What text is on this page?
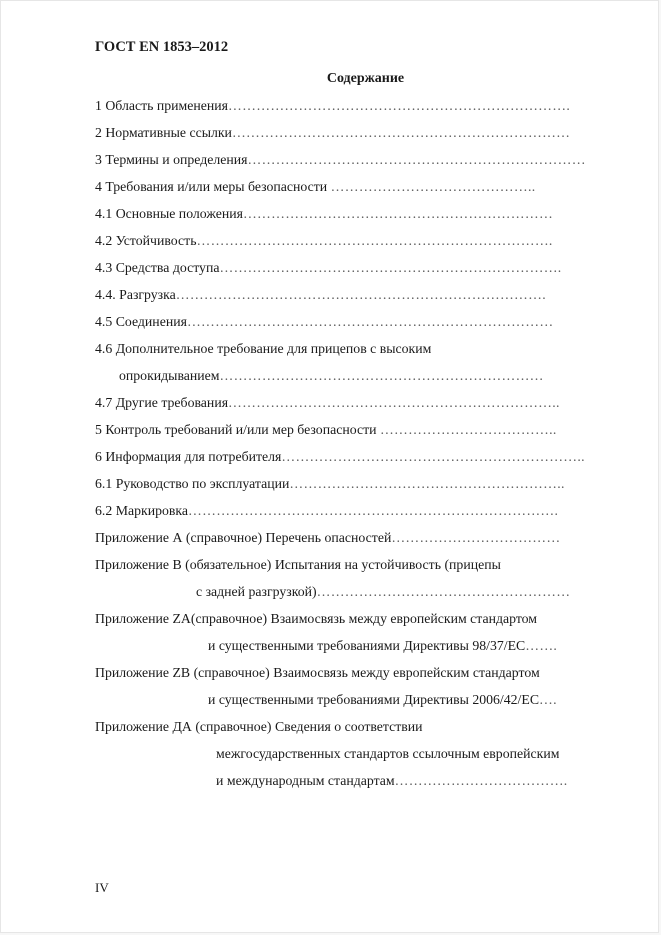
ГОСТ EN 1853–2012
Содержание
1 Область применения……………………………………………………………….
2 Нормативные ссылки………………………………………………………………
3 Термины и определения………………………………………………………………
4 Требования и/или меры безопасности ……………………………………..
4.1 Основные положения…………………………………………………………
4.2 Устойчивость………………………………………………………………….
4.3 Средства доступа……………………………………………………………….
4.4. Разгрузка…………………………………………………………………….
4.5 Соединения……………………………………………………………………
4.6 Дополнительное требование для прицепов с высоким
опрокидыванием……………………………………………………………
4.7 Другие требования……………………………………………………………..
5 Контроль требований и/или мер безопасности ………………………………..
6 Информация для потребителя………………………………………………………..
6.1 Руководство по эксплуатации…………………………………………………..
6.2 Маркировка…………………………………………………………………….
Приложение А (справочное) Перечень опасностей………………………………
Приложение В (обязательное) Испытания на устойчивость (прицепы
с задней разгрузкой)………………………………………………
Приложение ZA(справочное) Взаимосвязь между европейским стандартом
и существенными требованиями Директивы 98/37/ЕС…….
Приложение ZB (справочное) Взаимосвязь между европейским стандартом
и существенными требованиями Директивы 2006/42/ЕС….
Приложение ДА (справочное) Сведения о соответствии
межгосударственных стандартов ссылочным европейским
и международным стандартам……………………………….
IV
